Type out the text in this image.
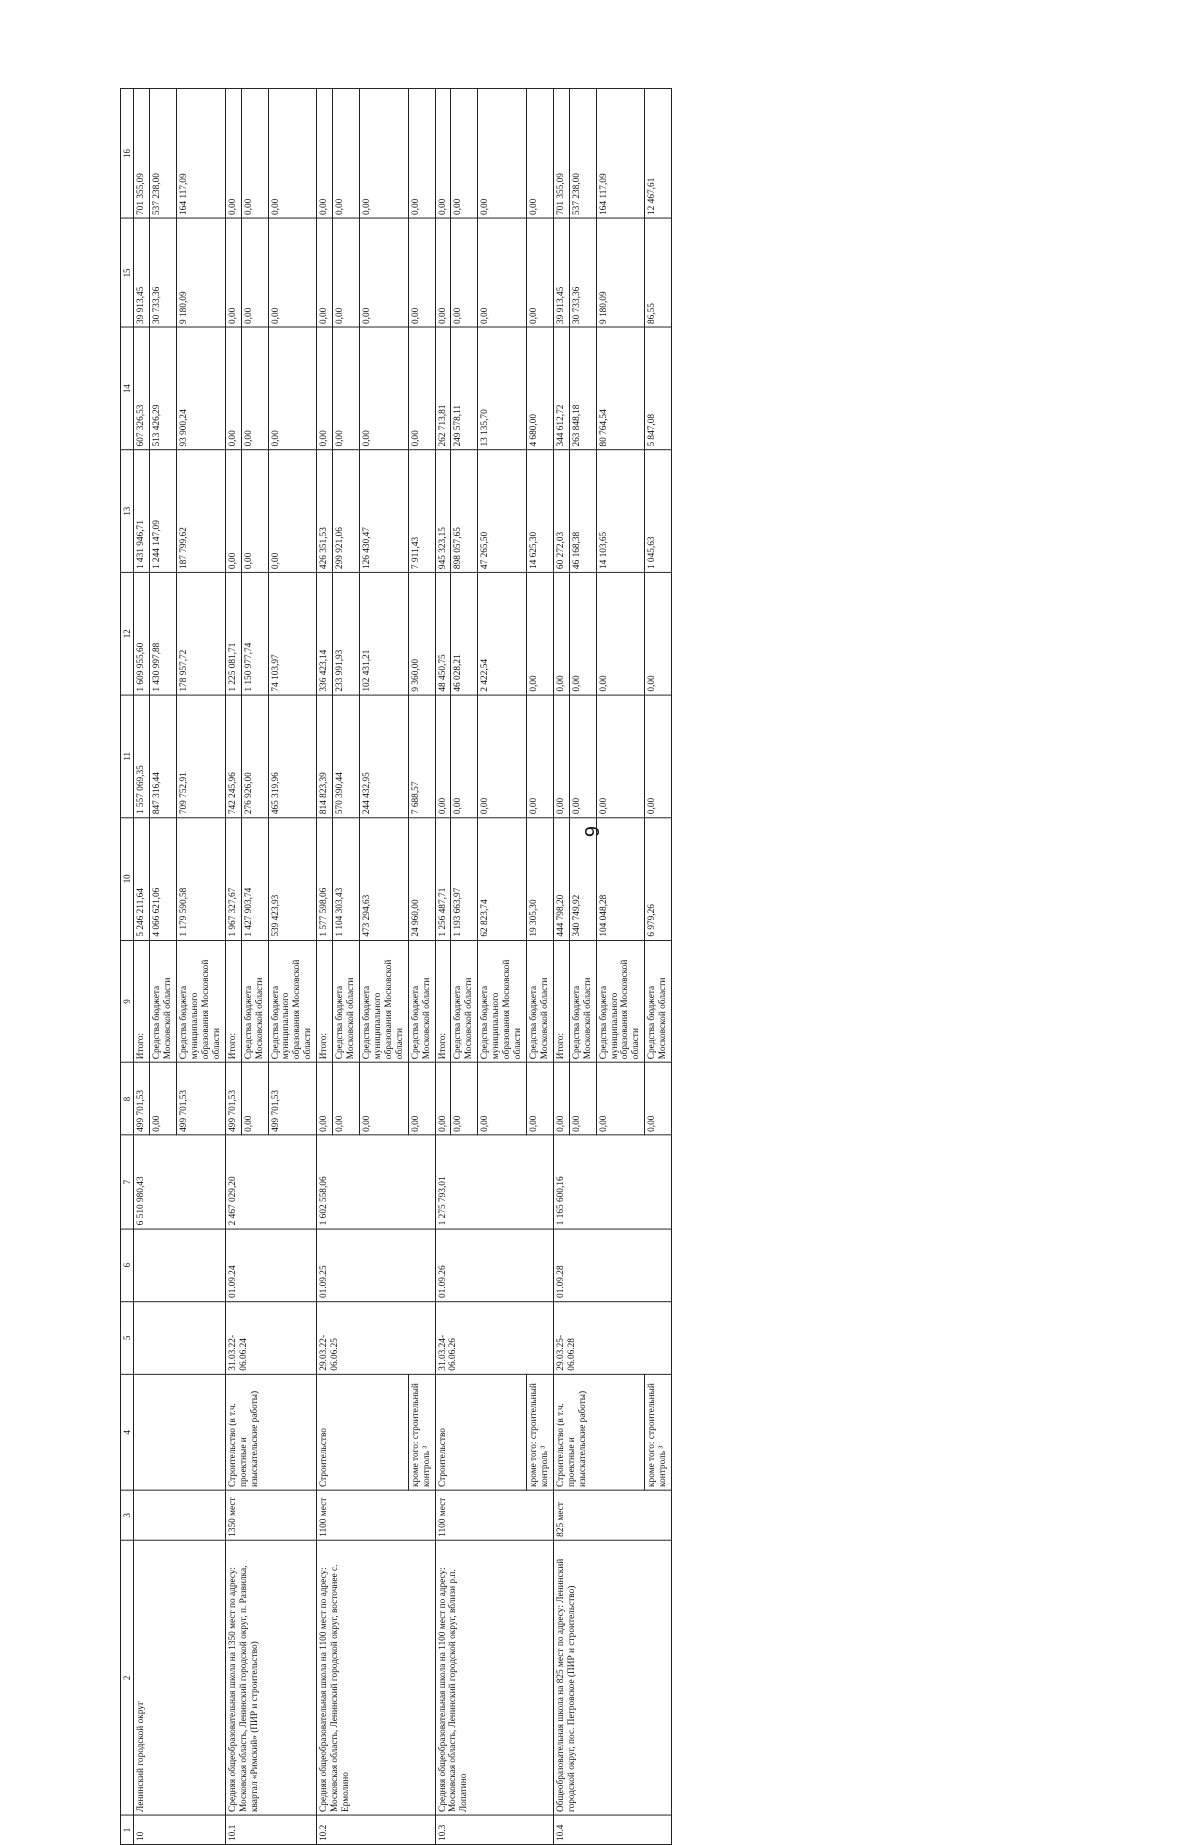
9
1	2	3	4	5	6	7	8	9	10	11	12	13	14	15	16
10	Ленинский городской округ					6 510 980,43	499 701,53	Итого:	5 246 211,64	1 557 069,35	1 609 955,60	1 431 946,71	607 326,53	39 913,45	701 355,09
							0,00	Средства бюджета Московской области	4 066 621,06	847 316,44	1 430 997,88	1 244 147,09	513 426,29	30 733,36	537 238,00
							499 701,53	Средства бюджета муниципального образования Московской области	1 179 590,58	709 752,91	178 957,72	187 799,62	93 900,24	9 180,09	164 117,09
10.1	Средняя общеобразовательная школа на 1350 мест по адресу: Московская область, Ленинский городской округ, п. Развилка, квартал «Римский» (ПИР и строительство)	1350 мест	Строительство (в т.ч. проектные и изыскательские работы)	31.03.22-06.06.24	01.09.24	2 467 029,20	499 701,53	Итого:	1 967 327,67	742 245,96	1 225 081,71	0,00	0,00	0,00	0,00
							0,00	Средства бюджета Московской области	1 427 903,74	276 926,00	1 150 977,74	0,00	0,00	0,00	0,00
							499 701,53	Средства бюджета муниципального образования Московской области	539 423,93	465 319,96	74 103,97	0,00	0,00	0,00	0,00
10.2	Средняя общеобразовательная школа на 1100 мест по адресу: Московская область, Ленинский городской округ, восточнее с. Ермолино	1100 мест	Строительство	29.03.22-06.06.25	01.09.25	1 602 558,06	0,00	Итого:	1 577 598,06	814 823,39	336 423,14	426 351,53	0,00	0,00	0,00
							0,00	Средства бюджета Московской области	1 104 303,43	570 390,44	233 991,93	299 921,06	0,00	0,00	0,00
							0,00	Средства бюджета муниципального образования Московской области	473 294,63	244 432,95	102 431,21	126 430,47	0,00	0,00	0,00
			кроме того: строительный контроль ³				0,00	Средства бюджета Московской области	24 960,00	7 688,57	9 360,00	7 911,43	0,00	0,00	0,00
10.3	Средняя общеобразовательная школа на 1100 мест по адресу: Московская область, Ленинский городской округ, вблизи р.п. Лопатино	1100 мест	Строительство	31.03.24-06.06.26	01.09.26	1 275 793,01	0,00	Итого:	1 256 487,71	0,00	48 450,75	945 323,15	262 713,81	0,00	0,00
							0,00	Средства бюджета Московской области	1 193 663,97	0,00	46 028,21	898 057,65	249 578,11	0,00	0,00
							0,00	Средства бюджета муниципального образования Московской области	62 823,74	0,00	2 422,54	47 265,50	13 135,70	0,00	0,00
			кроме того: строительный контроль ³				0,00	Средства бюджета Московской области	19 305,30	0,00	0,00	14 625,30	4 680,00	0,00	0,00
10.4	Общеобразовательная школа на 825 мест по адресу: Ленинский городской округ, пос. Петровское (ПИР и строительство)	825 мест	Строительство (в т.ч. проектные и изыскательские работы)	29.03.25-06.06.28	01.09.28	1 165 600,16	0,00	Итого:	444 798,20	0,00	0,00	60 272,03	344 612,72	39 913,45	701 355,09
							0,00	Средства бюджета Московской области	340 749,92	0,00	0,00	46 168,38	263 848,18	30 733,36	537 238,00
							0,00	Средства бюджета муниципального образования Московской области	104 048,28	0,00	0,00	14 103,65	80 764,54	9 180,09	164 117,09
			кроме того: строительный контроль ³				0,00	Средства бюджета Московской области	6 979,26	0,00	0,00	1 045,63	5 847,08	86,55	12 467,61
